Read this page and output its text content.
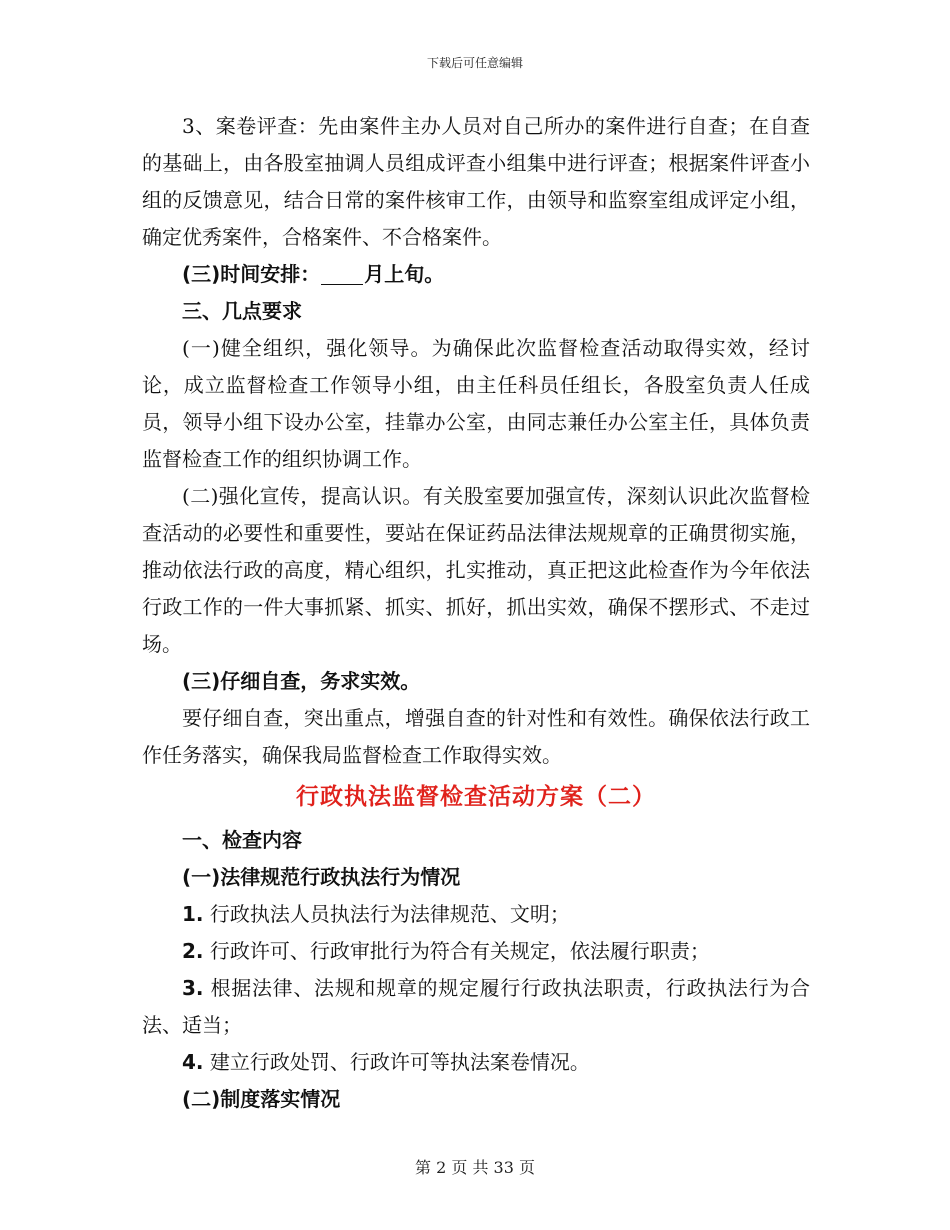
下载后可任意编辑

3、案卷评查：先由案件主办人员对自己所办的案件进行自查；在自查的基础上，由各股室抽调人员组成评查小组集中进行评查；根据案件评查小组的反馈意见，结合日常的案件核审工作，由领导和监察室组成评定小组，确定优秀案件，合格案件、不合格案件。

(三)时间安排： 月上旬。

三、几点要求

(一)健全组织，强化领导。为确保此次监督检查活动取得实效，经讨论，成立监督检查工作领导小组，由主任科员任组长，各股室负责人任成员，领导小组下设办公室，挂靠办公室，由同志兼任办公室主任，具体负责监督检查工作的组织协调工作。

(二)强化宣传，提高认识。有关股室要加强宣传，深刻认识此次监督检查活动的必要性和重要性，要站在保证药品法律法规规章的正确贯彻实施，推动依法行政的高度，精心组织，扎实推动，真正把这此检查作为今年依法行政工作的一件大事抓紧、抓实、抓好，抓出实效，确保不摆形式、不走过场。

(三)仔细自查，务求实效。

要仔细自查，突出重点，增强自查的针对性和有效性。确保依法行政工作任务落实，确保我局监督检查工作取得实效。

行政执法监督检查活动方案（二）

一、检查内容

(一)法律规范行政执法行为情况

1. 行政执法人员执法行为法律规范、文明；

2. 行政许可、行政审批行为符合有关规定，依法履行职责；

3. 根据法律、法规和规章的规定履行行政执法职责，行政执法行为合法、适当；

4. 建立行政处罚、行政许可等执法案卷情况。

(二)制度落实情况

第 2 页 共 33 页
